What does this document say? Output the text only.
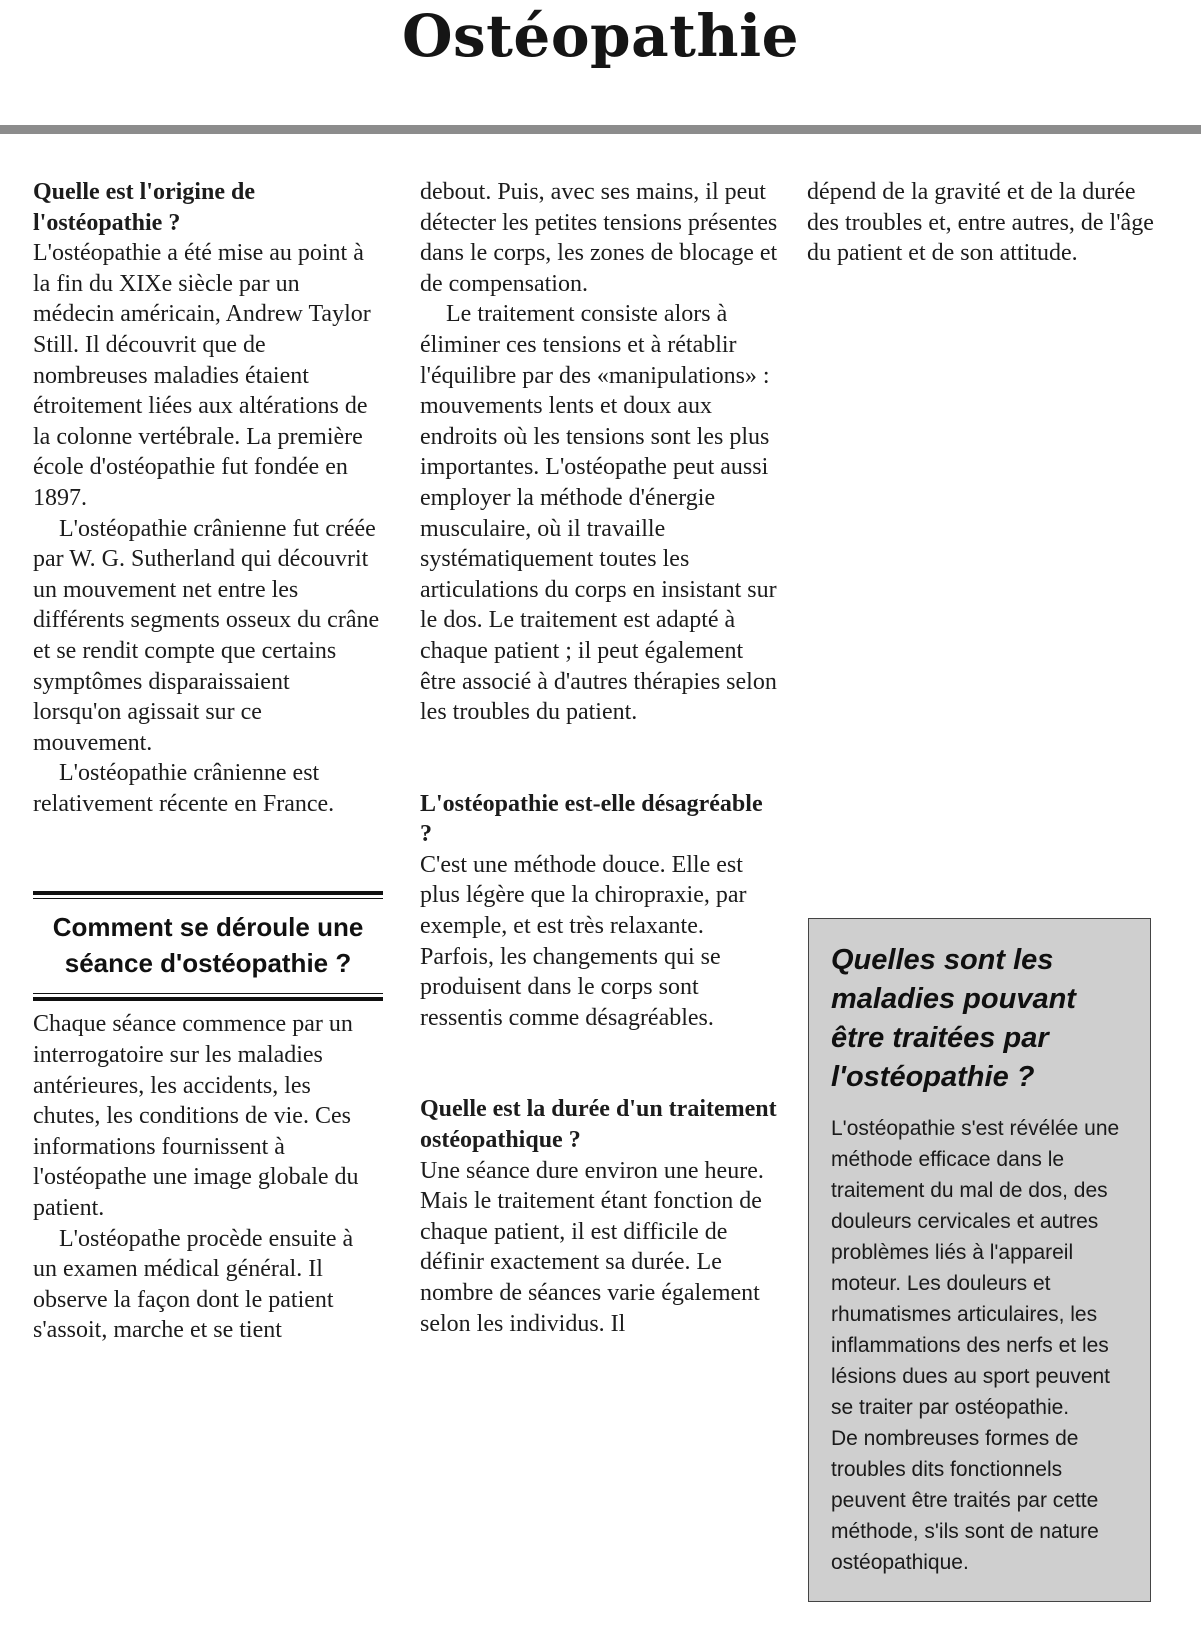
Ostéopathie
Quelle est l'origine de l'ostéopathie ?

L'ostéopathie a été mise au point à la fin du XIXe siècle par un médecin américain, Andrew Taylor Still. Il découvrit que de nombreuses maladies étaient étroitement liées aux altérations de la colonne vertébrale. La première école d'ostéopathie fut fondée en 1897.

L'ostéopathie crânienne fut créée par W. G. Sutherland qui découvrit un mouvement net entre les différents segments osseux du crâne et se rendit compte que certains symptômes disparaissaient lorsqu'on agissait sur ce mouvement.

L'ostéopathie crânienne est relativement récente en France.

Comment se déroule une séance d'ostéopathie ?

Chaque séance commence par un interrogatoire sur les maladies antérieures, les accidents, les chutes, les conditions de vie. Ces informations fournissent à l'ostéopathe une image globale du patient.

L'ostéopathe procède ensuite à un examen médical général. Il observe la façon dont le patient s'assoit, marche et se tient

debout. Puis, avec ses mains, il peut détecter les petites tensions présentes dans le corps, les zones de blocage et de compensation.

Le traitement consiste alors à éliminer ces tensions et à rétablir l'équilibre par des «manipulations» : mouvements lents et doux aux endroits où les tensions sont les plus importantes. L'ostéopathe peut aussi employer la méthode d'énergie musculaire, où il travaille systématiquement toutes les articulations du corps en insistant sur le dos. Le traitement est adapté à chaque patient ; il peut également être associé à d'autres thérapies selon les troubles du patient.

L'ostéopathie est-elle désagréable ?

C'est une méthode douce. Elle est plus légère que la chiropraxie, par exemple, et est très relaxante. Parfois, les changements qui se produisent dans le corps sont ressentis comme désagréables.

Quelle est la durée d'un traitement ostéopathique ?

Une séance dure environ une heure. Mais le traitement étant fonction de chaque patient, il est difficile de définir exactement sa durée. Le nombre de séances varie également selon les individus. Il

dépend de la gravité et de la durée des troubles et, entre autres, de l'âge du patient et de son attitude.

Quelles sont les maladies pouvant être traitées par l'ostéopathie ?

L'ostéopathie s'est révélée une méthode efficace dans le traitement du mal de dos, des douleurs cervicales et autres problèmes liés à l'appareil moteur. Les douleurs et rhumatismes articulaires, les inflammations des nerfs et les lésions dues au sport peuvent se traiter par ostéopathie.

De nombreuses formes de troubles dits fonctionnels peuvent être traités par cette méthode, s'ils sont de nature ostéopathique.
